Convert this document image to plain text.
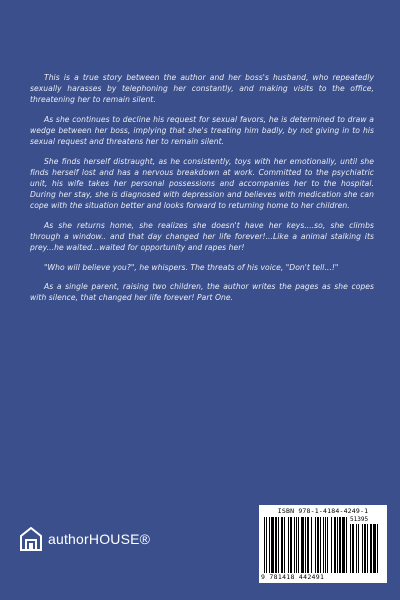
This is a true story between the author and her boss's husband, who repeatedly sexually harasses by telephoning her constantly, and making visits to the office, threatening her to remain silent.

As she continues to decline his request for sexual favors, he is determined to draw a wedge between her boss, implying that she's treating him badly, by not giving in to his sexual request and threatens her to remain silent.

She finds herself distraught, as he consistently, toys with her emotionally, until she finds herself lost and has a nervous breakdown at work. Committed to the psychiatric unit, his wife takes her personal possessions and accompanies her to the hospital. During her stay, she is diagnosed with depression and believes with medication she can cope with the situation better and looks forward to returning home to her children.

As she returns home, she realizes she doesn't have her keys....so, she climbs through a window.. and that day changed her life forever!...Like a animal stalking its prey...he waited...waited for opportunity and rapes her!

"Who will believe you?", he whispers. The threats of his voice, "Don't tell...!"

As a single parent, raising two children, the author writes the pages as she copes with silence, that changed her life forever! Part One.

authorHOUSE®
ISBN 978-1-4184-4249-1
51395
9 781418 442491
